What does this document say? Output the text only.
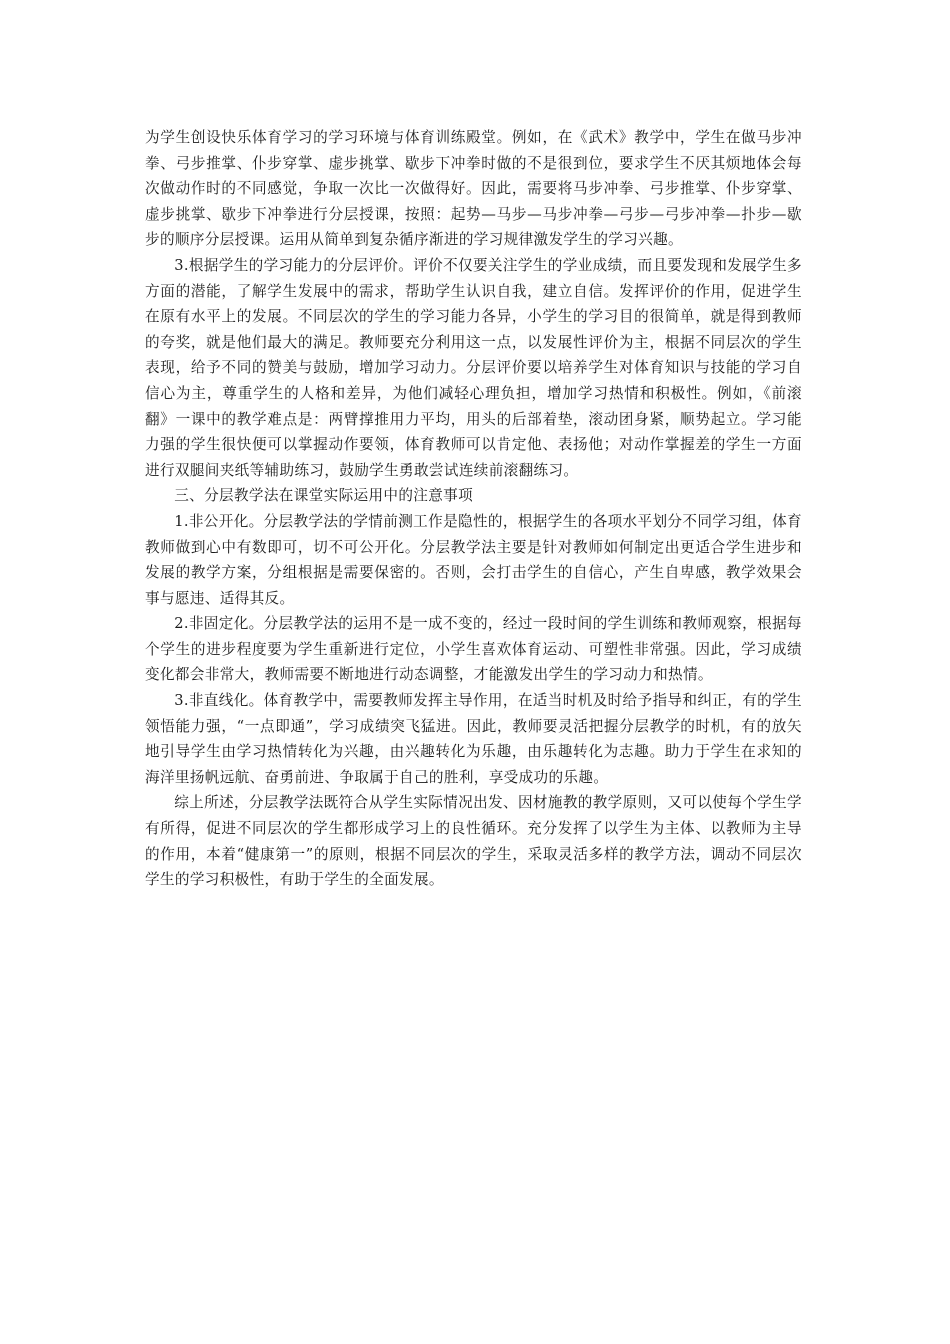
为学生创设快乐体育学习的学习环境与体育训练殿堂。例如，在《武术》教学中，学生在做马步冲拳、弓步推掌、仆步穿掌、虚步挑掌、歇步下冲拳时做的不是很到位，要求学生不厌其烦地体会每次做动作时的不同感觉，争取一次比一次做得好。因此，需要将马步冲拳、弓步推掌、仆步穿掌、虚步挑掌、歇步下冲拳进行分层授课，按照：起势—马步—马步冲拳—弓步—弓步冲拳—扑步—歇步的顺序分层授课。运用从简单到复杂循序渐进的学习规律激发学生的学习兴趣。

3.根据学生的学习能力的分层评价。评价不仅要关注学生的学业成绩，而且要发现和发展学生多方面的潜能，了解学生发展中的需求，帮助学生认识自我，建立自信。发挥评价的作用，促进学生在原有水平上的发展。不同层次的学生的学习能力各异，小学生的学习目的很简单，就是得到教师的夸奖，就是他们最大的满足。教师要充分利用这一点，以发展性评价为主，根据不同层次的学生表现，给予不同的赞美与鼓励，增加学习动力。分层评价要以培养学生对体育知识与技能的学习自信心为主，尊重学生的人格和差异，为他们减轻心理负担，增加学习热情和积极性。例如，《前滚翻》一课中的教学难点是：两臂撑推用力平均，用头的后部着垫，滚动团身紧，顺势起立。学习能力强的学生很快便可以掌握动作要领，体育教师可以肯定他、表扬他；对动作掌握差的学生一方面进行双腿间夹纸等辅助练习，鼓励学生勇敢尝试连续前滚翻练习。

三、分层教学法在课堂实际运用中的注意事项

1.非公开化。分层教学法的学情前测工作是隐性的，根据学生的各项水平划分不同学习组，体育教师做到心中有数即可，切不可公开化。分层教学法主要是针对教师如何制定出更适合学生进步和发展的教学方案，分组根据是需要保密的。否则，会打击学生的自信心，产生自卑感，教学效果会事与愿违、适得其反。

2.非固定化。分层教学法的运用不是一成不变的，经过一段时间的学生训练和教师观察，根据每个学生的进步程度要为学生重新进行定位，小学生喜欢体育运动、可塑性非常强。因此，学习成绩变化都会非常大，教师需要不断地进行动态调整，才能激发出学生的学习动力和热情。

3.非直线化。体育教学中，需要教师发挥主导作用，在适当时机及时给予指导和纠正，有的学生领悟能力强，“一点即通”，学习成绩突飞猛进。因此，教师要灵活把握分层教学的时机，有的放矢地引导学生由学习热情转化为兴趣，由兴趣转化为乐趣，由乐趣转化为志趣。助力于学生在求知的海洋里扬帆远航、奋勇前进、争取属于自己的胜利，享受成功的乐趣。

综上所述，分层教学法既符合从学生实际情况出发、因材施教的教学原则，又可以使每个学生学有所得，促进不同层次的学生都形成学习上的良性循环。充分发挥了以学生为主体、以教师为主导的作用，本着“健康第一”的原则，根据不同层次的学生，采取灵活多样的教学方法，调动不同层次学生的学习积极性，有助于学生的全面发展。
